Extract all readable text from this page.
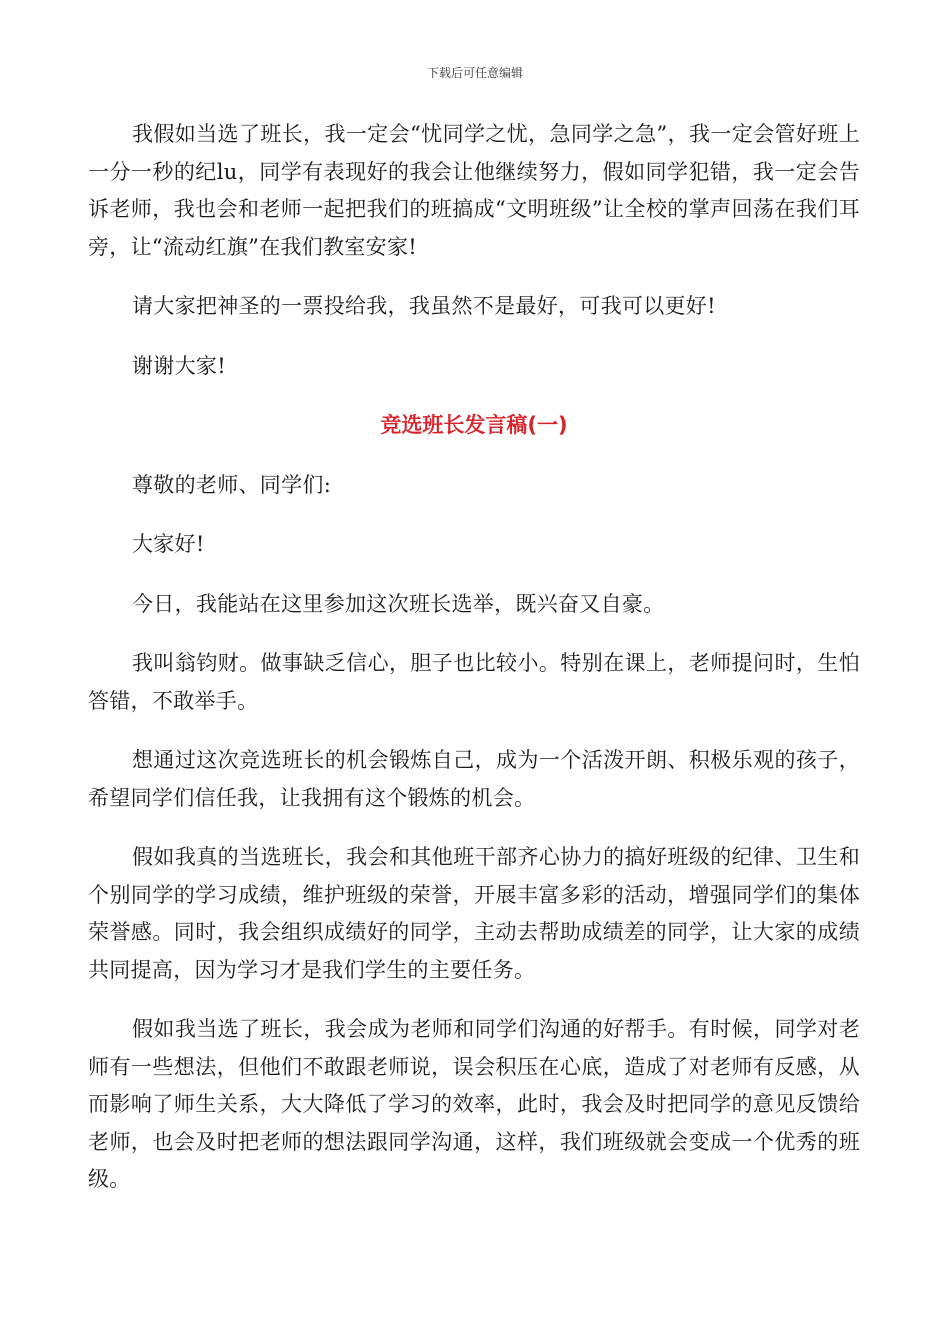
下载后可任意编辑

我假如当选了班长，我一定会“忧同学之忧，急同学之急”，我一定会管好班上一分一秒的纪lu，同学有表现好的我会让他继续努力，假如同学犯错，我一定会告诉老师，我也会和老师一起把我们的班搞成“文明班级”让全校的掌声回荡在我们耳旁，让“流动红旗”在我们教室安家!

请大家把神圣的一票投给我，我虽然不是最好，可我可以更好!

谢谢大家!

竞选班长发言稿(一)

尊敬的老师、同学们:

大家好!

今日，我能站在这里参加这次班长选举，既兴奋又自豪。

我叫翁钧财。做事缺乏信心，胆子也比较小。特别在课上，老师提问时，生怕答错，不敢举手。

想通过这次竞选班长的机会锻炼自己，成为一个活泼开朗、积极乐观的孩子，希望同学们信任我，让我拥有这个锻炼的机会。

假如我真的当选班长，我会和其他班干部齐心协力的搞好班级的纪律、卫生和个别同学的学习成绩，维护班级的荣誉，开展丰富多彩的活动，增强同学们的集体荣誉感。同时，我会组织成绩好的同学，主动去帮助成绩差的同学，让大家的成绩共同提高，因为学习才是我们学生的主要任务。

假如我当选了班长，我会成为老师和同学们沟通的好帮手。有时候，同学对老师有一些想法，但他们不敢跟老师说，误会积压在心底，造成了对老师有反感，从而影响了师生关系，大大降低了学习的效率，此时，我会及时把同学的意见反馈给老师，也会及时把老师的想法跟同学沟通，这样，我们班级就会变成一个优秀的班级。
